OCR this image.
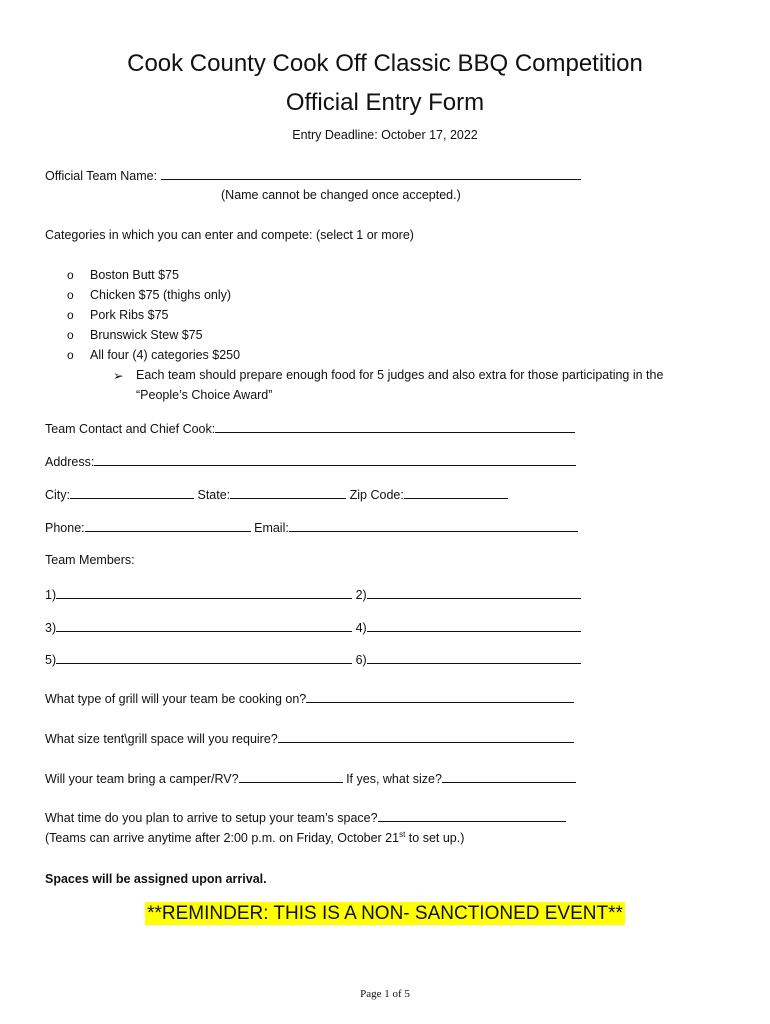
Cook County Cook Off Classic BBQ Competition
Official Entry Form
Entry Deadline: October 17, 2022
Official Team Name:
(Name cannot be changed once accepted.)
Categories in which you can enter and compete: (select 1 or more)
o Boston Butt $75
o Chicken $75 (thighs only)
o Pork Ribs $75
o Brunswick Stew $75
o All four (4) categories $250
➢ Each team should prepare enough food for 5 judges and also extra for those participating in the
“People’s Choice Award”
Team Contact and Chief Cook:
Address:
City:	State:	Zip Code:
Phone:	Email:
Team Members:
1)	2)
3)	4)
5)	6)
What type of grill will your team be cooking on?
What size tent\grill space will you require?
Will your team bring a camper/RV?	If yes, what size?
What time do you plan to arrive to setup your team’s space?
(Teams can arrive anytime after 2:00 p.m. on Friday, October 21st to set up.)
Spaces will be assigned upon arrival.
**REMINDER: THIS IS A NON- SANCTIONED EVENT**
Page 1 of 5
